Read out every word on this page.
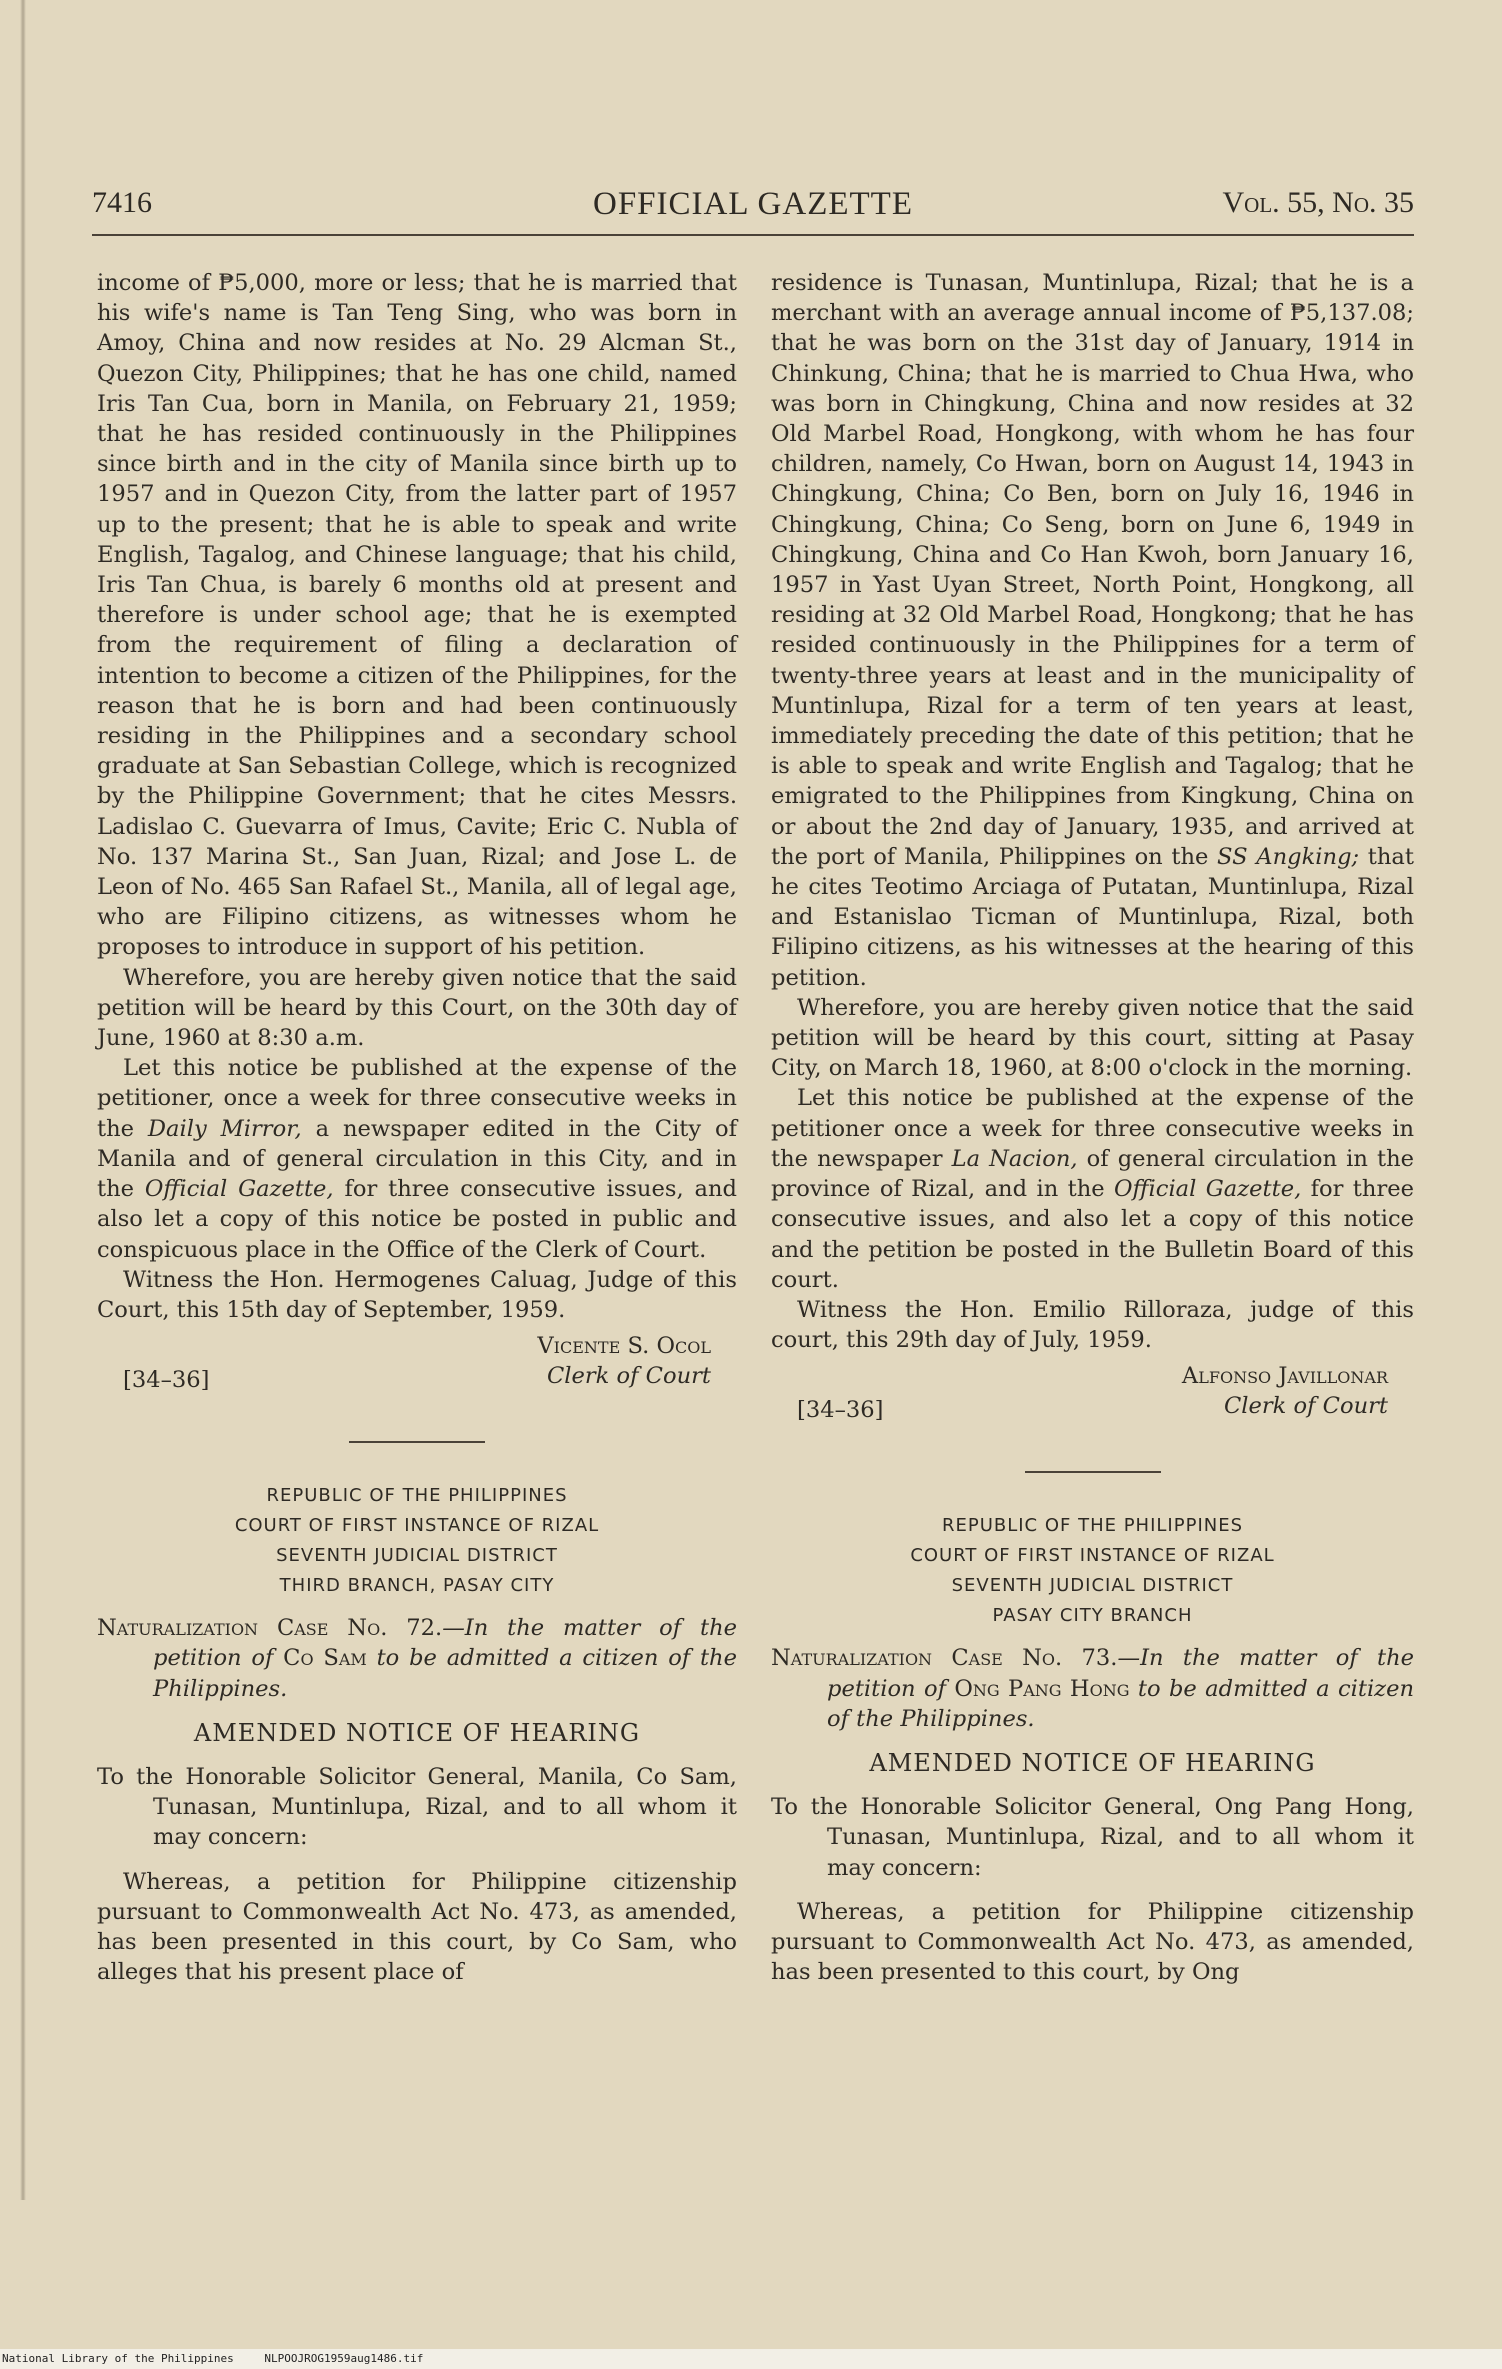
7416	OFFICIAL GAZETTE	Vol. 55, No. 35

income of ₱5,000, more or less; that he is married that his wife's name is Tan Teng Sing, who was born in Amoy, China and now resides at No. 29 Alcman St., Quezon City, Philippines; that he has one child, named Iris Tan Cua, born in Manila, on February 21, 1959; that he has resided continuously in the Philippines since birth and in the city of Manila since birth up to 1957 and in Quezon City, from the latter part of 1957 up to the present; that he is able to speak and write English, Tagalog, and Chinese language; that his child, Iris Tan Chua, is barely 6 months old at present and therefore is under school age; that he is exempted from the requirement of filing a declaration of intention to become a citizen of the Philippines, for the reason that he is born and had been continuously residing in the Philippines and a secondary school graduate at San Sebastian College, which is recognized by the Philippine Government; that he cites Messrs. Ladislao C. Guevarra of Imus, Cavite; Eric C. Nubla of No. 137 Marina St., San Juan, Rizal; and Jose L. de Leon of No. 465 San Rafael St., Manila, all of legal age, who are Filipino citizens, as witnesses whom he proposes to introduce in support of his petition.

Wherefore, you are hereby given notice that the said petition will be heard by this Court, on the 30th day of June, 1960 at 8:30 a.m.

Let this notice be published at the expense of the petitioner, once a week for three consecutive weeks in the Daily Mirror, a newspaper edited in the City of Manila and of general circulation in this City, and in the Official Gazette, for three consecutive issues, and also let a copy of this notice be posted in public and conspicuous place in the Office of the Clerk of Court.

Witness the Hon. Hermogenes Caluag, Judge of this Court, this 15th day of September, 1959.

Vicente S. Ocol
Clerk of Court
[34–36]
REPUBLIC OF THE PHILIPPINES
COURT OF FIRST INSTANCE OF RIZAL
SEVENTH JUDICIAL DISTRICT
THIRD BRANCH, PASAY CITY

Naturalization Case No. 72.—In the matter of the petition of Co Sam to be admitted a citizen of the Philippines.

AMENDED NOTICE OF HEARING

To the Honorable Solicitor General, Manila, Co Sam, Tunasan, Muntinlupa, Rizal, and to all whom it may concern:

Whereas, a petition for Philippine citizenship pursuant to Commonwealth Act No. 473, as amended, has been presented in this court, by Co Sam, who alleges that his present place of

residence is Tunasan, Muntinlupa, Rizal; that he is a merchant with an average annual income of ₱5,137.08; that he was born on the 31st day of January, 1914 in Chinkung, China; that he is married to Chua Hwa, who was born in Chingkung, China and now resides at 32 Old Marbel Road, Hongkong, with whom he has four children, namely, Co Hwan, born on August 14, 1943 in Chingkung, China; Co Ben, born on July 16, 1946 in Chingkung, China; Co Seng, born on June 6, 1949 in Chingkung, China and Co Han Kwoh, born January 16, 1957 in Yast Uyan Street, North Point, Hongkong, all residing at 32 Old Marbel Road, Hongkong; that he has resided continuously in the Philippines for a term of twenty-three years at least and in the municipality of Muntinlupa, Rizal for a term of ten years at least, immediately preceding the date of this petition; that he is able to speak and write English and Tagalog; that he emigrated to the Philippines from Kingkung, China on or about the 2nd day of January, 1935, and arrived at the port of Manila, Philippines on the SS Angking; that he cites Teotimo Arciaga of Putatan, Muntinlupa, Rizal and Estanislao Ticman of Muntinlupa, Rizal, both Filipino citizens, as his witnesses at the hearing of this petition.

Wherefore, you are hereby given notice that the said petition will be heard by this court, sitting at Pasay City, on March 18, 1960, at 8:00 o'clock in the morning.

Let this notice be published at the expense of the petitioner once a week for three consecutive weeks in the newspaper La Nacion, of general circulation in the province of Rizal, and in the Official Gazette, for three consecutive issues, and also let a copy of this notice and the petition be posted in the Bulletin Board of this court.

Witness the Hon. Emilio Rilloraza, judge of this court, this 29th day of July, 1959.

Alfonso Javillonar
Clerk of Court
[34–36]
REPUBLIC OF THE PHILIPPINES
COURT OF FIRST INSTANCE OF RIZAL
SEVENTH JUDICIAL DISTRICT
PASAY CITY BRANCH

Naturalization Case No. 73.—In the matter of the petition of Ong Pang Hong to be admitted a citizen of the Philippines.

AMENDED NOTICE OF HEARING

To the Honorable Solicitor General, Ong Pang Hong, Tunasan, Muntinlupa, Rizal, and to all whom it may concern:

Whereas, a petition for Philippine citizenship pursuant to Commonwealth Act No. 473, as amended, has been presented to this court, by Ong

National Library of the Philippines	NLPOOJROG1959aug1486.tif
